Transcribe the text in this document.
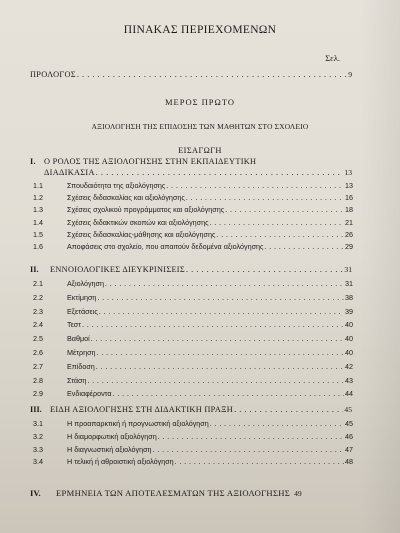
ΠΙΝΑΚΑΣ ΠΕΡΙΕΧΟΜΕΝΩΝ
Σελ.
ΠΡΟΛΟΓΟΣ . . .	9
ΜΕΡΟΣ ΠΡΩΤΟ
ΑΞΙΟΛΟΓΗΣΗ ΤΗΣ ΕΠΙΔΟΣΗΣ ΤΩΝ ΜΑΘΗΤΩΝ ΣΤΟ ΣΧΟΛΕΙΟ
ΕΙΣΑΓΩΓΗ
I. Ο ΡΟΛΟΣ ΤΗΣ ΑΞΙΟΛΟΓΗΣΗΣ ΣΤΗΝ ΕΚΠΑΙΔΕΥΤΙΚΗ
ΔΙΑΔΙΚΑΣΙΑ . . .	13
1.1	Σπουδαιότητα της αξιολόγησης . . .	13
1.2	Σχέσεις διδασκαλίας και αξιολόγησης . . .	16
1.3	Σχέσεις σχολικού προγράμματος και αξιολόγησης . . .	18
1.4	Σχέσεις διδακτικών σκοπών και αξιολόγησης . . .	21
1.5	Σχέσεις διδασκαλίας-μάθησης και αξιολόγησης . . .	26
1.6	Αποφάσεις στο σχολείο, που απαιτούν δεδομένα αξιολόγησης . . .	29
II.	ΕΝΝΟΙΟΛΟΓΙΚΕΣ ΔΙΕΥΚΡΙΝΙΣΕΙΣ . . .	31
2.1	Αξιολόγηση . . .	31
2.2	Εκτίμηση . . .	38
2.3	Εξετάσεις . . .	39
2.4	Τεστ . . .	40
2.5	Βαθμοί . . .	40
2.6	Μέτρηση . . .	40
2.7	Επίδοση . . .	42
2.8	Στάση . . .	43
2.9	Ενδιαφέροντα . . .	44
III. ΕΙΔΗ ΑΞΙΟΛΟΓΗΣΗΣ ΣΤΗ ΔΙΔΑΚΤΙΚΗ ΠΡΑΞΗ . . .	45
3.1	Η προαπαρκτική ή προγνωστική αξιολόγηση . . .	45
3.2	Η διαμορφωτική αξιολόγηση . . .	46
3.3	Η διαγνωστική αξιολόγηση . . .	47
3.4	Η τελική ή αθροιστική αξιολόγηση . . .	48
IV.	ΕΡΜΗΝΕΙΑ ΤΩΝ ΑΠΟΤΕΛΕΣΜΑΤΩΝ ΤΗΣ ΑΞΙΟΛΟΓΗΣΗΣ 49
